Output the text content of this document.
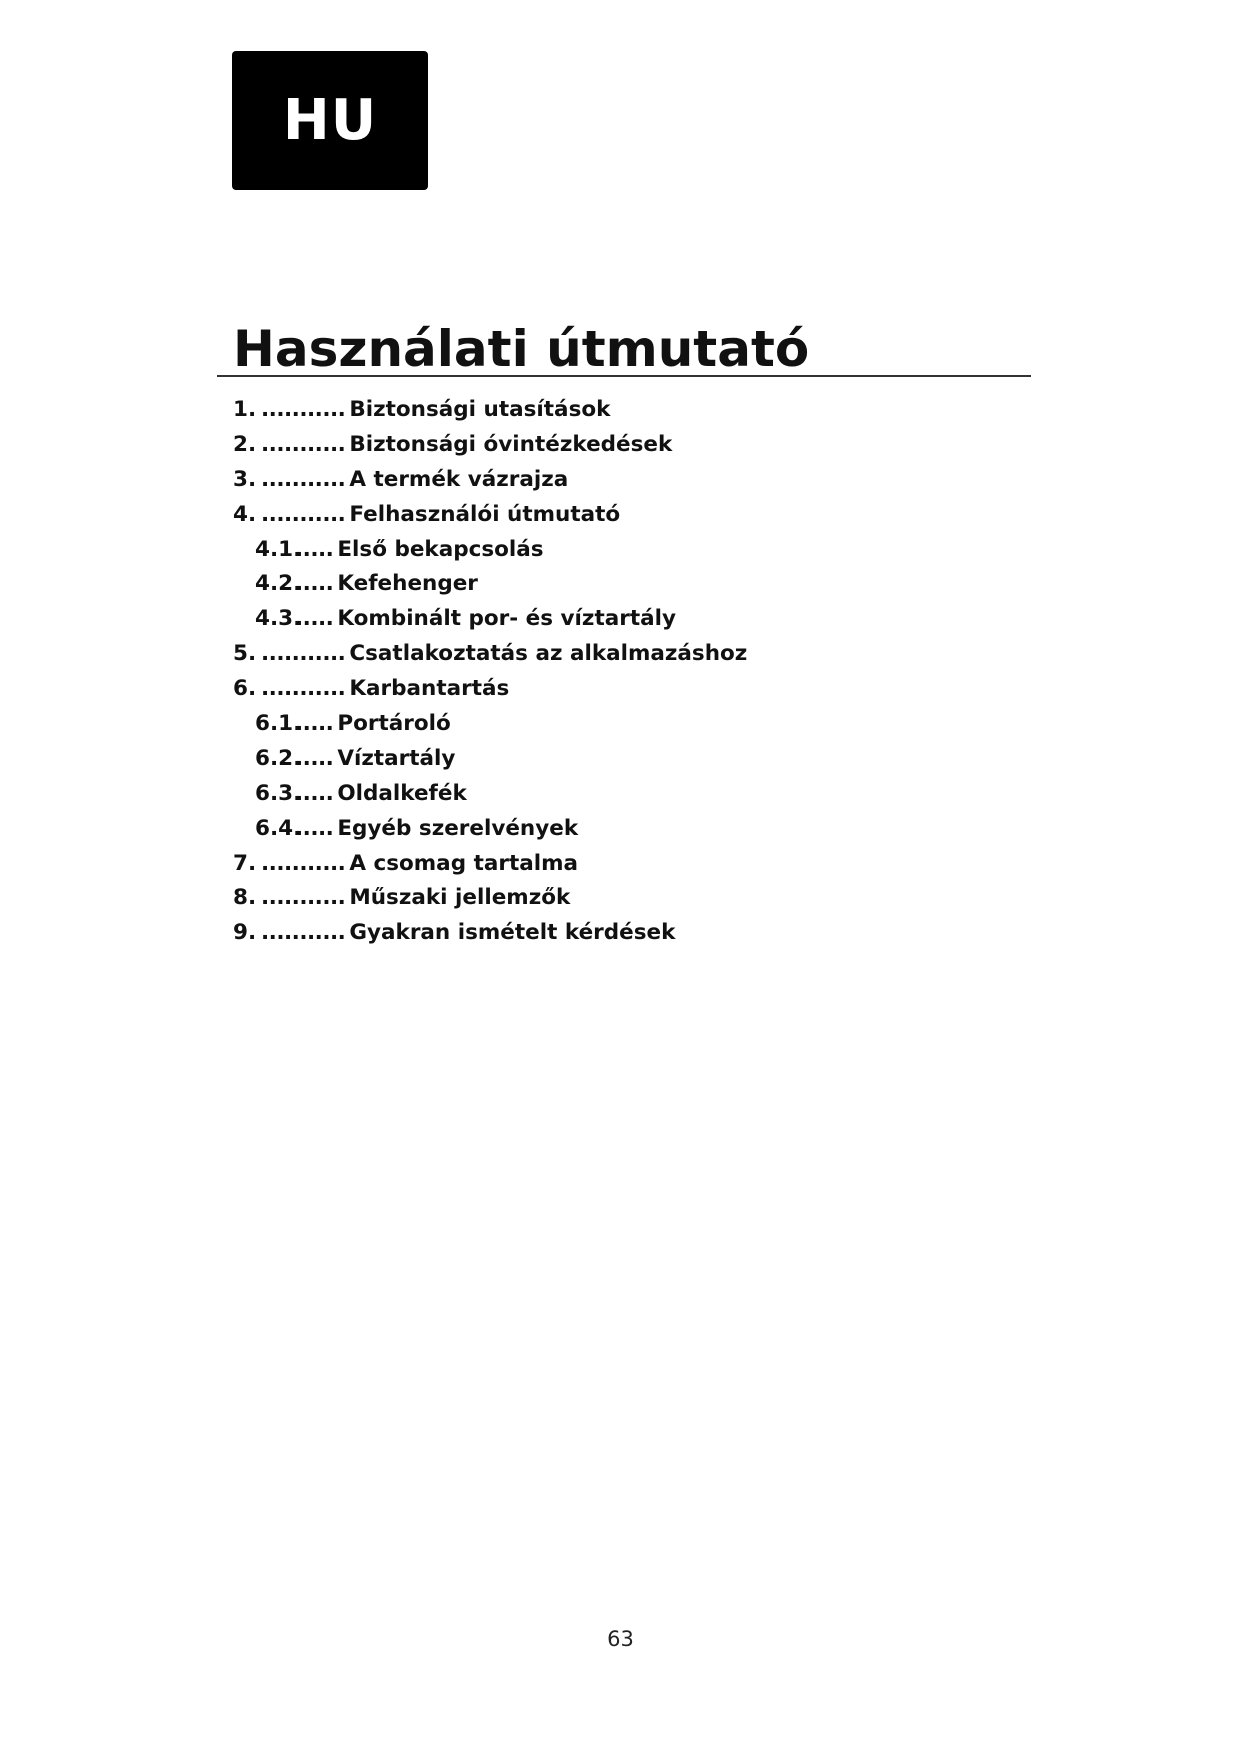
HU
Használati útmutató
1. ........... Biztonsági utasítások
2. ........... Biztonsági óvintézkedések
3. ........... A termék vázrajza
4. ........... Felhasználói útmutató
4.1.
..... Első bekapcsolás
4.2.
..... Kefehenger
4.3.
..... Kombinált por- és víztartály
5. ........... Csatlakoztatás az alkalmazáshoz
6. ........... Karbantartás
6.1.
..... Portároló
6.2.
..... Víztartály
6.3.
..... Oldalkefék
6.4.
..... Egyéb szerelvények
7. ........... A csomag tartalma
8. ........... Műszaki jellemzők
9. ........... Gyakran ismételt kérdések
63
